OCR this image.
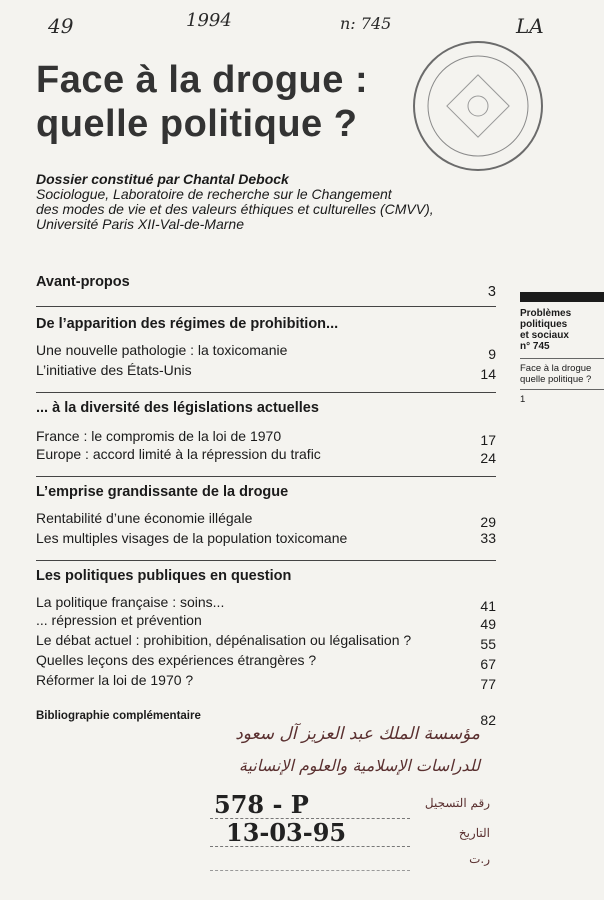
49	1994	n: 745	LA
Face à la drogue :
quelle politique ?
Dossier constitué par Chantal Debock
Sociologue, Laboratoire de recherche sur le Changement
des modes de vie et des valeurs éthiques et culturelles (CMVV),
Université Paris XII-Val-de-Marne
Avant-propos
3
De l’apparition des régimes de prohibition...
Une nouvelle pathologie : la toxicomanie	9
L’initiative des États-Unis	14
... à la diversité des législations actuelles
France : le compromis de la loi de 1970	17
Europe : accord limité à la répression du trafic	24
L’emprise grandissante de la drogue
Rentabilité d’une économie illégale	29
Les multiples visages de la population toxicomane	33
Les politiques publiques en question
La politique française : soins...	41
... répression et prévention	49
Le débat actuel : prohibition, dépénalisation ou légalisation ?	55
Quelles leçons des expériences étrangères ?	67
Réformer la loi de 1970 ?	77
Bibliographie complémentaire	82
Problèmes
politiques
et sociaux
n° 745
Face à la drogue
quelle politique ?
1
مؤسسة الملك عبد العزيز آل سعود
للدراسات الإسلامية والعلوم الإنسانية
578 - P	رقم التسجيل
13-03-95	التاريخ
ر.ت
